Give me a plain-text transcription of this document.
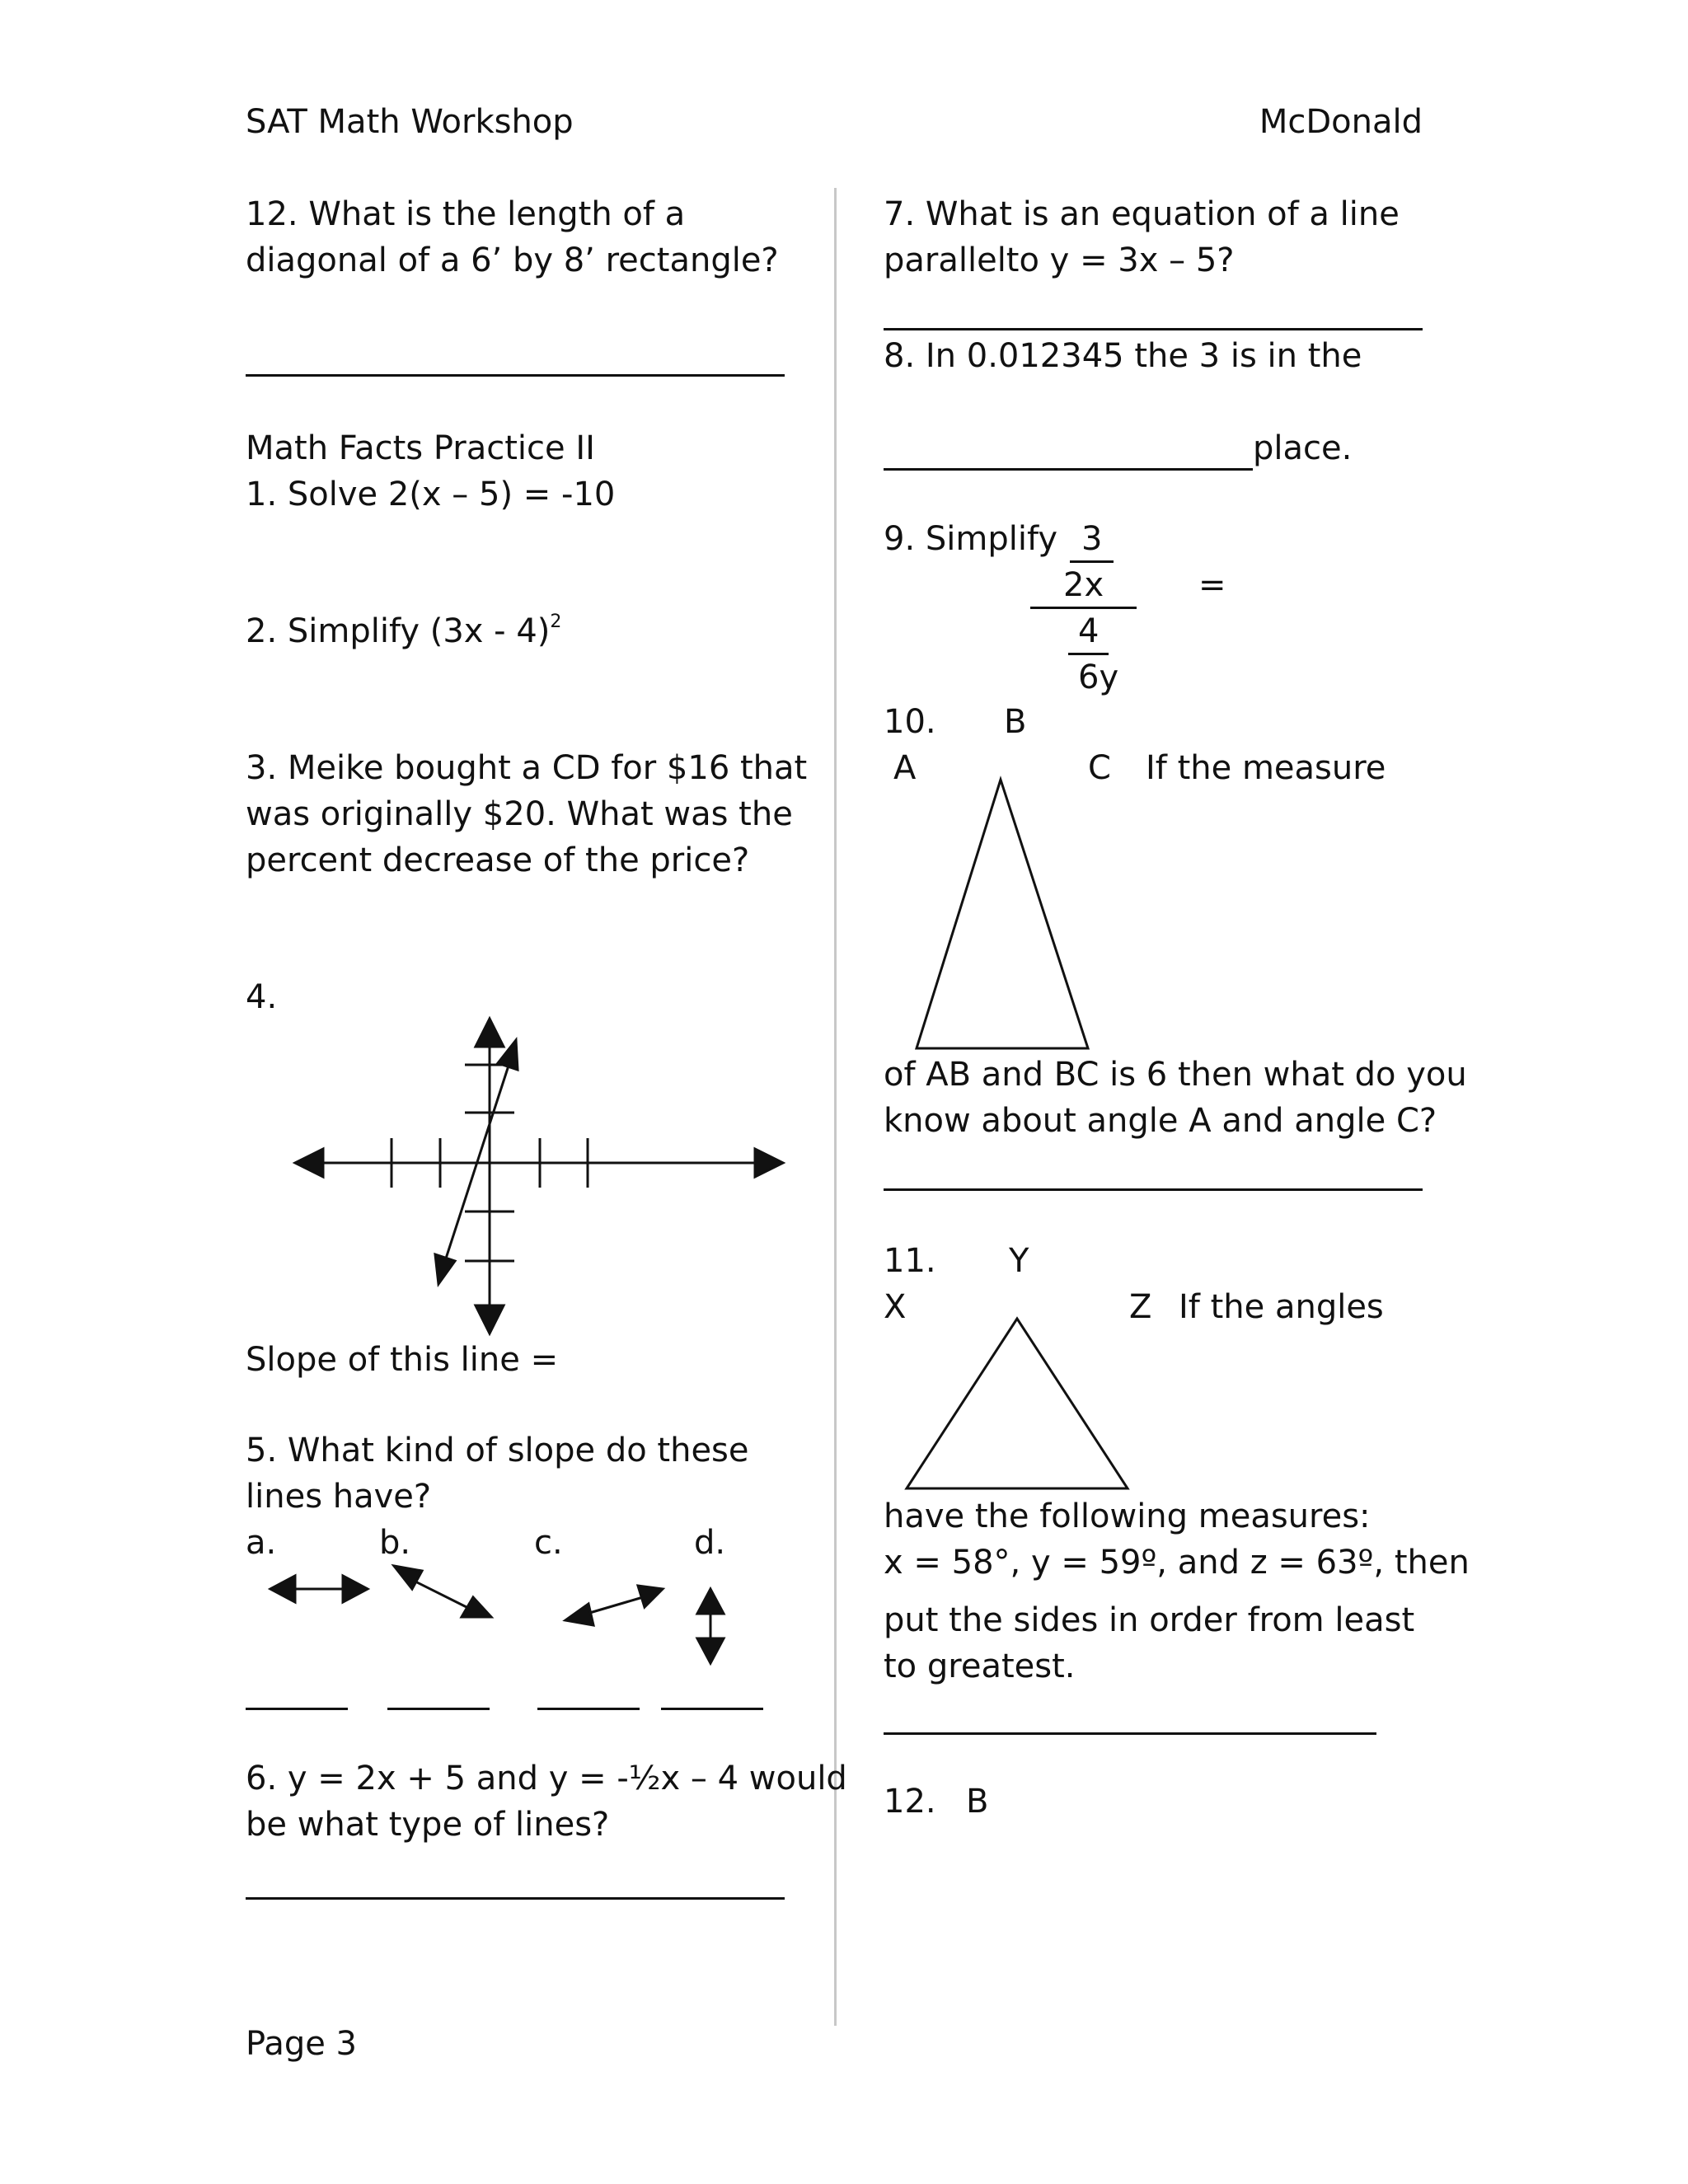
SAT Math Workshop	McDonald
12. What is the length of a
diagonal of a 6’ by 8’ rectangle?
Math Facts Practice II
1. Solve 2(x – 5) = -10
2. Simplify (3x - 4)$^2$
3. Meike bought a CD for $16 that
was originally $20. What was the
percent decrease of the price?
4.
Slope of this line =
5. What kind of slope do these
lines have?
a.	b.	c.	d.
6. y = 2x + 5 and y = -½x – 4 would
be what type of lines?
7. What is an equation of a line
parallelto y = 3x – 5?
8. In 0.012345 the 3 is in the
place.
9. Simplify 3
2x	=
4
6y
10. B
A	C If the measure
of AB and BC is 6 then what do you
know about angle A and angle C?
11. Y
X	Z If the angles
have the following measures:
x = 58°, y = 59º, and z = 63º, then
put the sides in order from least
to greatest.
12. B
Page 3
